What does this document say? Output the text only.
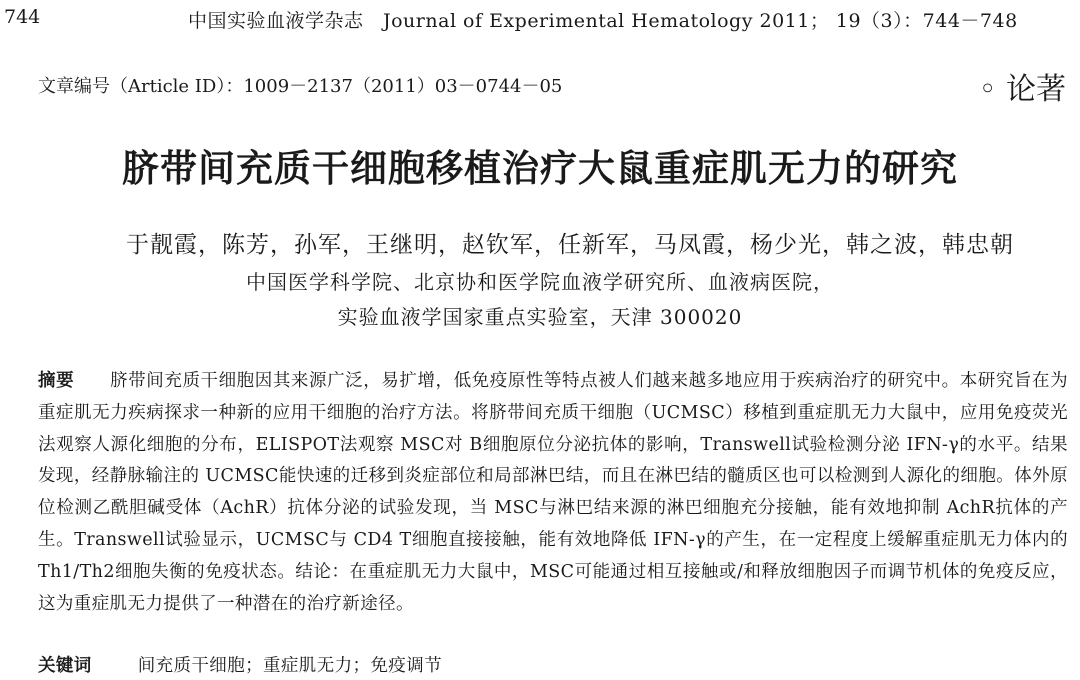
744	中国实验血液学杂志　Journal of Experimental Hematology 2011； 19（3）：744－748
文章编号（Article ID）：1009－2137（2011）03－0744－05	◦ 论著
脐带间充质干细胞移植治疗大鼠重症肌无力的研究
于靓霞，陈芳，孙军，王继明，赵钦军，任新军，马凤霞，杨少光，韩之波，韩忠朝
中国医学科学院、北京协和医学院血液学研究所、血液病医院，
实验血液学国家重点实验室，天津 300020
摘要 脐带间充质干细胞因其来源广泛，易扩增，低免疫原性等特点被人们越来越多地应用于疾病治疗的研究中。本研究旨在为重症肌无力疾病探求一种新的应用干细胞的治疗方法。将脐带间充质干细胞（UCMSC）移植到重症肌无力大鼠中，应用免疫荧光法观察人源化细胞的分布，ELISPOT法观察 MSC对 B细胞原位分泌抗体的影响，Transwell试验检测分泌 IFN-γ的水平。结果发现，经静脉输注的 UCMSC能快速的迁移到炎症部位和局部淋巴结，而且在淋巴结的髓质区也可以检测到人源化的细胞。体外原位检测乙酰胆碱受体（AchR）抗体分泌的试验发现，当 MSC与淋巴结来源的淋巴细胞充分接触，能有效地抑制 AchR抗体的产生。Transwell试验显示，UCMSC与 CD4 T细胞直接接触，能有效地降低 IFN-γ的产生，在一定程度上缓解重症肌无力体内的 Th1/Th2细胞失衡的免疫状态。结论：在重症肌无力大鼠中，MSC可能通过相互接触或/和释放细胞因子而调节机体的免疫反应，这为重症肌无力提供了一种潜在的治疗新途径。
关键词	间充质干细胞；重症肌无力；免疫调节
